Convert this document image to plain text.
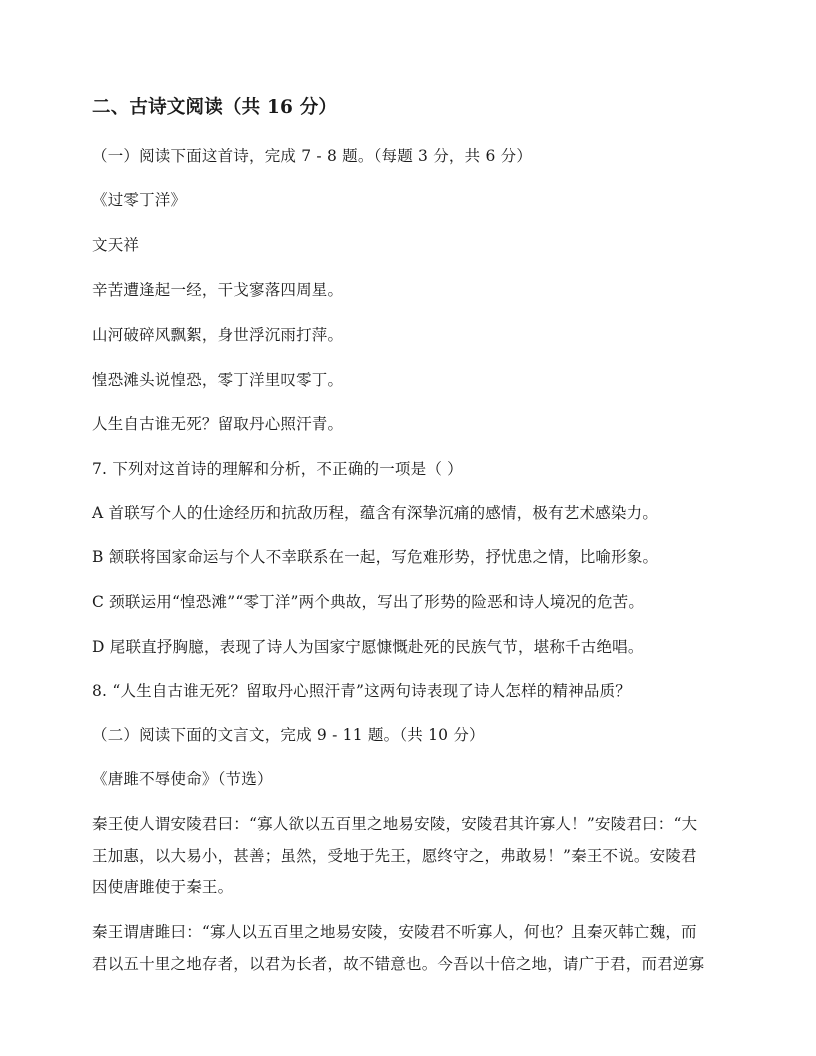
二、古诗文阅读（共 16 分）
（一）阅读下面这首诗，完成 7 - 8 题。（每题 3 分，共 6 分）
《过零丁洋》
文天祥
辛苦遭逢起一经，干戈寥落四周星。
山河破碎风飘絮，身世浮沉雨打萍。
惶恐滩头说惶恐，零丁洋里叹零丁。
人生自古谁无死？留取丹心照汗青。
7. 下列对这首诗的理解和分析，不正确的一项是（ ）
A 首联写个人的仕途经历和抗敌历程，蕴含有深挚沉痛的感情，极有艺术感染力。
B 颔联将国家命运与个人不幸联系在一起，写危难形势，抒忧患之情，比喻形象。
C 颈联运用“惶恐滩”“零丁洋”两个典故，写出了形势的险恶和诗人境况的危苦。
D 尾联直抒胸臆，表现了诗人为国家宁愿慷慨赴死的民族气节，堪称千古绝唱。
8. “人生自古谁无死？留取丹心照汗青”这两句诗表现了诗人怎样的精神品质？
（二）阅读下面的文言文，完成 9 - 11 题。（共 10 分）
《唐雎不辱使命》（节选）
秦王使人谓安陵君曰：“寡人欲以五百里之地易安陵，安陵君其许寡人！”安陵君曰：“大
王加惠，以大易小，甚善；虽然，受地于先王，愿终守之，弗敢易！”秦王不说。安陵君
因使唐雎使于秦王。
秦王谓唐雎曰：“寡人以五百里之地易安陵，安陵君不听寡人，何也？且秦灭韩亡魏，而
君以五十里之地存者，以君为长者，故不错意也。今吾以十倍之地，请广于君，而君逆寡
